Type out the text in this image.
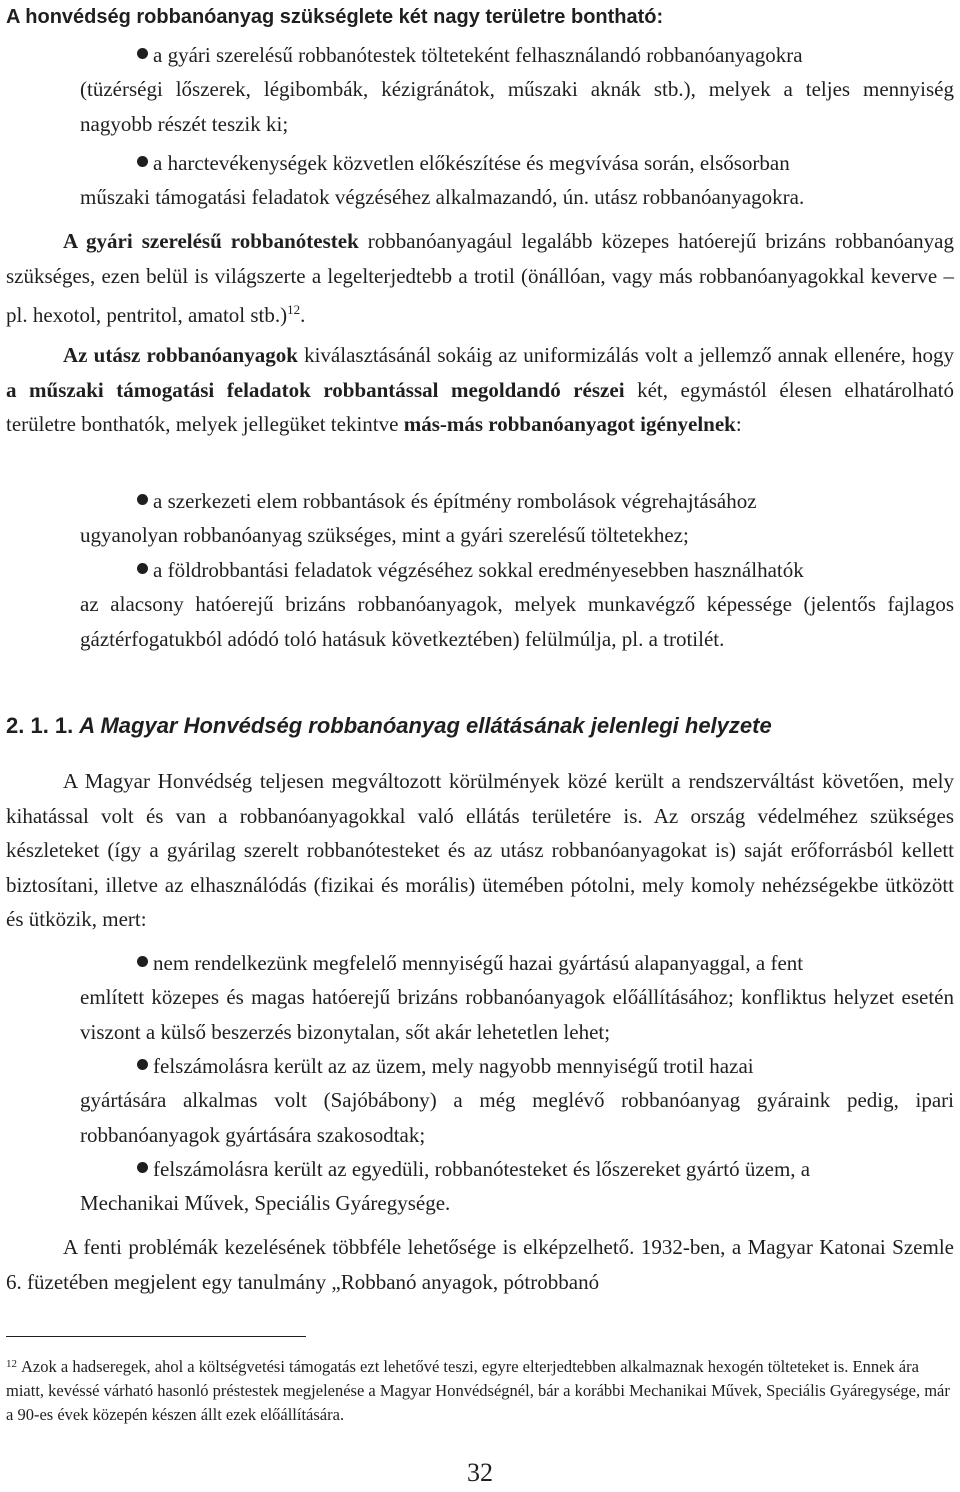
A honvédség robbanóanyag szükséglete két nagy területre bontható:

a gyári szerelésű robbanótestek tölteteként felhasználandó robbanóanyagokra

(tüzérségi lőszerek, légibombák, kézigránátok, műszaki aknák stb.), melyek a teljes mennyiség nagyobb részét teszik ki;

a harctevékenységek közvetlen előkészítése és megvívása során, elsősorban

műszaki támogatási feladatok végzéséhez alkalmazandó, ún. utász robbanóanyagokra.

A gyári szerelésű robbanótestek robbanóanyagául legalább közepes hatóerejű brizáns robbanóanyag szükséges, ezen belül is világszerte a legelterjedtebb a trotil (önállóan, vagy más robbanóanyagokkal keverve – pl. hexotol, pentritol, amatol stb.)$^{12}$.

Az utász robbanóanyagok kiválasztásánál sokáig az uniformizálás volt a jellemző annak ellenére, hogy a műszaki támogatási feladatok robbantással megoldandó részei két, egymástól élesen elhatárolható területre bonthatók, melyek jellegüket tekintve más-más robbanóanyagot igényelnek:

a szerkezeti elem robbantások és építmény rombolások végrehajtásához

ugyanolyan robbanóanyag szükséges, mint a gyári szerelésű töltetekhez;

a földrobbantási feladatok végzéséhez sokkal eredményesebben használhatók

az alacsony hatóerejű brizáns robbanóanyagok, melyek munkavégző képessége (jelentős fajlagos gáztérfogatukból adódó toló hatásuk következtében) felülmúlja, pl. a trotilét.

2. 1. 1. A Magyar Honvédség robbanóanyag ellátásának jelenlegi helyzete

A Magyar Honvédség teljesen megváltozott körülmények közé került a rendszerváltást követően, mely kihatással volt és van a robbanóanyagokkal való ellátás területére is. Az ország védelméhez szükséges készleteket (így a gyárilag szerelt robbanótesteket és az utász robbanóanyagokat is) saját erőforrásból kellett biztosítani, illetve az elhasználódás (fizikai és morális) ütemében pótolni, mely komoly nehézségekbe ütközött és ütközik, mert:

nem rendelkezünk megfelelő mennyiségű hazai gyártású alapanyaggal, a fent

említett közepes és magas hatóerejű brizáns robbanóanyagok előállításához; konfliktus helyzet esetén viszont a külső beszerzés bizonytalan, sőt akár lehetetlen lehet;

felszámolásra került az az üzem, mely nagyobb mennyiségű trotil hazai

gyártására alkalmas volt (Sajóbábony) a még meglévő robbanóanyag gyáraink pedig, ipari robbanóanyagok gyártására szakosodtak;

felszámolásra került az egyedüli, robbanótesteket és lőszereket gyártó üzem, a

Mechanikai Művek, Speciális Gyáregysége.

A fenti problémák kezelésének többféle lehetősége is elképzelhető. 1932-ben, a Magyar Katonai Szemle 6. füzetében megjelent egy tanulmány „Robbanó anyagok, pótrobbanó

$^{12}$ Azok a hadseregek, ahol a költségvetési támogatás ezt lehetővé teszi, egyre elterjedtebben alkalmaznak hexogén tölteteket is. Ennek ára miatt, kevéssé várható hasonló préstestek megjelenése a Magyar Honvédségnél, bár a korábbi Mechanikai Művek, Speciális Gyáregysége, már a 90-es évek közepén készen állt ezek előállítására.

32
